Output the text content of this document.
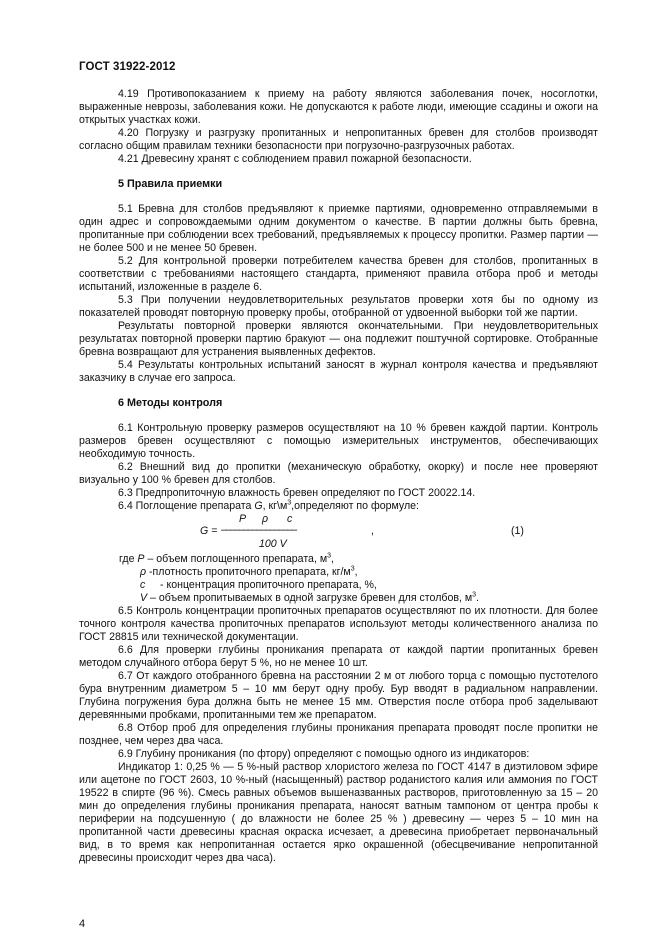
ГОСТ 31922-2012

4.19 Противопоказанием к приему на работу являются заболевания почек, носоглотки, выраженные неврозы, заболевания кожи. Не допускаются к работе люди, имеющие ссадины и ожоги на открытых участках кожи.

4.20 Погрузку и разгрузку пропитанных и непропитанных бревен для столбов производят согласно общим правилам техники безопасности при погрузочно-разгрузочных работах.

4.21 Древесину хранят с соблюдением правил пожарной безопасности.

5 Правила приемки

5.1 Бревна для столбов предъявляют к приемке партиями, одновременно отправляемыми в один адрес и сопровождаемыми одним документом о качестве. В партии должны быть бревна, пропитанные при соблюдении всех требований, предъявляемых к процессу пропитки. Размер партии — не более 500 и не менее 50 бревен.

5.2 Для контрольной проверки потребителем качества бревен для столбов, пропитанных в соответствии с требованиями настоящего стандарта, применяют правила отбора проб и методы испытаний, изложенные в разделе 6.

5.3 При получении неудовлетворительных результатов проверки хотя бы по одному из показателей проводят повторную проверку пробы, отобранной от удвоенной выборки той же партии.

Результаты повторной проверки являются окончательными. При неудовлетворительных результатах повторной проверки партию бракуют — она подлежит поштучной сортировке. Отобранные бревна возвращают для устранения выявленных дефектов.

5.4 Результаты контрольных испытаний заносят в журнал контроля качества и предъявляют заказчику в случае его запроса.

6 Методы контроля

6.1 Контрольную проверку размеров осуществляют на 10 % бревен каждой партии. Контроль размеров бревен осуществляют с помощью измерительных инструментов, обеспечивающих необходимую точность.

6.2 Внешний вид до пропитки (механическую обработку, окорку) и после нее проверяют визуально у 100 % бревен для столбов.

6.3 Предпропиточную влажность бревен определяют по ГОСТ 20022.14.

6.4 Поглощение препарата G, $кг\backslash м^3,определяют$ по формуле:

P ρ c
G = –––––––––––––––––
100 V
,	(1)

где P – объем поглощенного препарата, $м^3$,

ρ -плотность пропиточного препарата, $кг/м^3$,

c     - концентрация пропиточного препарата, %,

V – объем пропитываемых в одной загрузке бревен для столбов, $м^3$.

6.5 Контроль концентрации пропиточных препаратов осуществляют по их плотности. Для более точного контроля качества пропиточных препаратов используют методы количественного анализа по ГОСТ 28815 или технической документации.

6.6 Для проверки глубины проникания препарата от каждой партии пропитанных бревен методом случайного отбора берут 5 %, но не менее 10 шт.

6.7 От каждого отобранного бревна на расстоянии 2 м от любого торца с помощью пустотелого бура внутренним диаметром 5 – 10 мм берут одну пробу. Бур вводят в радиальном направлении. Глубина погружения бура должна быть не менее 15 мм. Отверстия после отбора проб заделывают деревянными пробками, пропитанными тем же препаратом.

6.8 Отбор проб для определения глубины проникания препарата проводят после пропитки не позднее, чем через два часа.

6.9 Глубину проникания (по фтору) определяют с помощью одного из индикаторов:

Индикатор 1: 0,25 % — 5 %-ный раствор хлористого железа по ГОСТ 4147 в диэтиловом эфире или ацетоне по ГОСТ 2603, 10 %-ный (насыщенный) раствор роданистого калия или аммония по ГОСТ 19522 в спирте (96 %). Смесь равных объемов вышеназванных растворов, приготовленную за 15 – 20 мин до определения глубины проникания препарата, наносят ватным тампоном от центра пробы к периферии на подсушенную ( до влажности не более 25 % ) древесину — через 5 – 10 мин на пропитанной части древесины красная окраска исчезает, а древесина приобретает первоначальный вид, в то время как непропитанная остается ярко окрашенной (обесцвечивание непропитанной древесины происходит через два часа).

4
